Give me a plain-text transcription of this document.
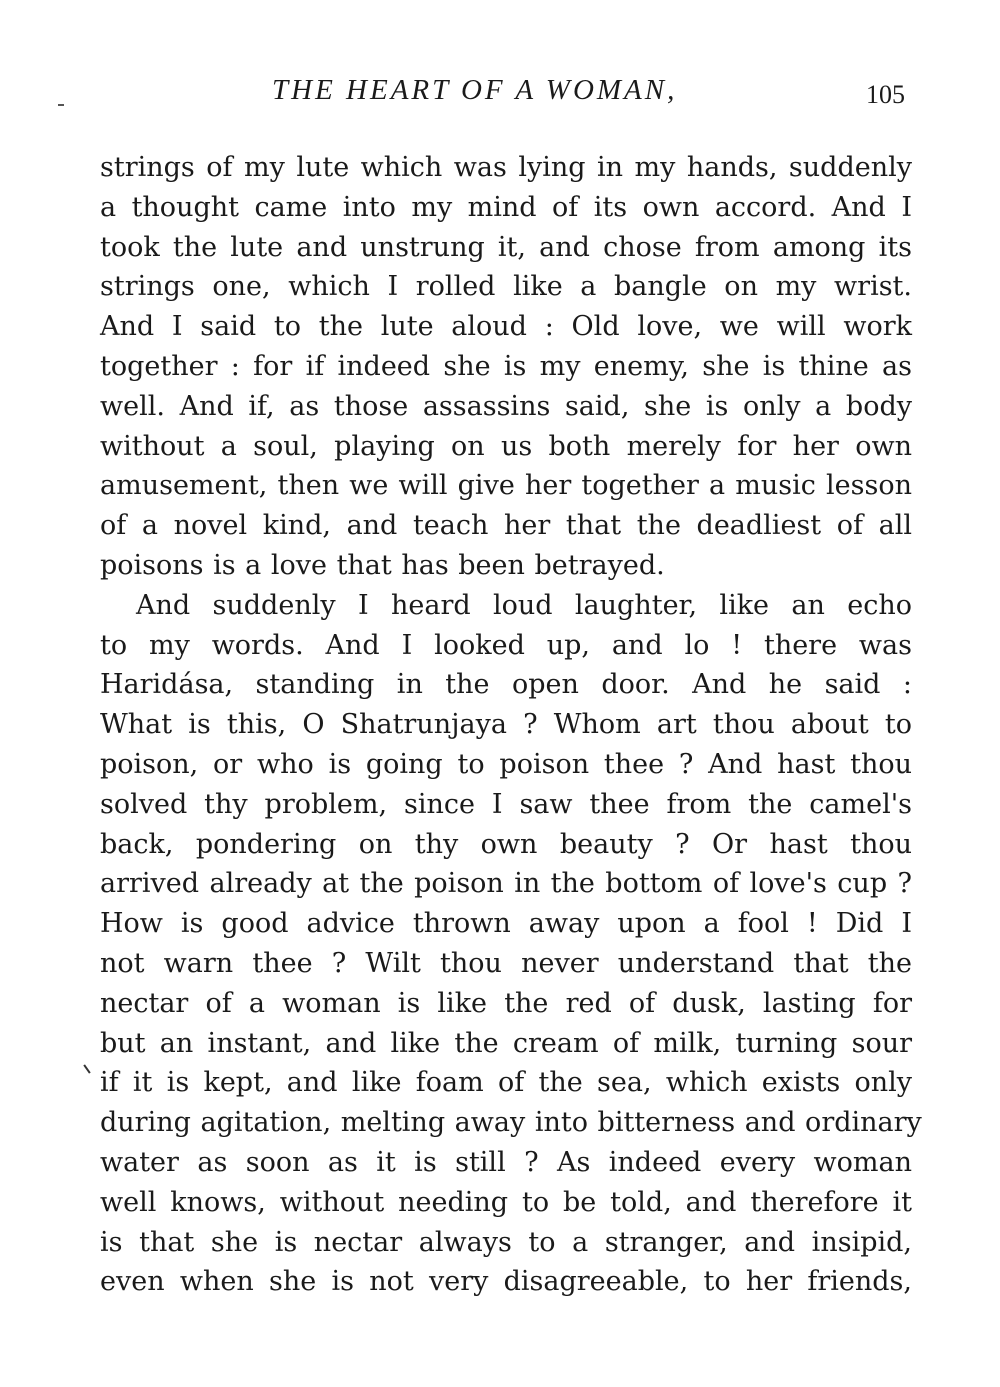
THE HEART OF A WOMAN,	105
strings of my lute which was lying in my hands, suddenly
a thought came into my mind of its own accord. And I
took the lute and unstrung it, and chose from among its
strings one, which I rolled like a bangle on my wrist.
And I said to the lute aloud : Old love, we will work
together : for if indeed she is my enemy, she is thine as
well. And if, as those assassins said, she is only a body
without a soul, playing on us both merely for her own
amusement, then we will give her together a music lesson
of a novel kind, and teach her that the deadliest of all
poisons is a love that has been betrayed.
And suddenly I heard loud laughter, like an echo
to my words. And I looked up, and lo ! there was
Haridása, standing in the open door. And he said :
What is this, O Shatrunjaya ? Whom art thou about to
poison, or who is going to poison thee ? And hast thou
solved thy problem, since I saw thee from the camel's
back, pondering on thy own beauty ? Or hast thou
arrived already at the poison in the bottom of love's cup ?
How is good advice thrown away upon a fool ! Did I
not warn thee ? Wilt thou never understand that the
nectar of a woman is like the red of dusk, lasting for
but an instant, and like the cream of milk, turning sour
if it is kept, and like foam of the sea, which exists only
during agitation, melting away into bitterness and ordinary
water as soon as it is still ? As indeed every woman
well knows, without needing to be told, and therefore it
is that she is nectar always to a stranger, and insipid,
even when she is not very disagreeable, to her friends,
